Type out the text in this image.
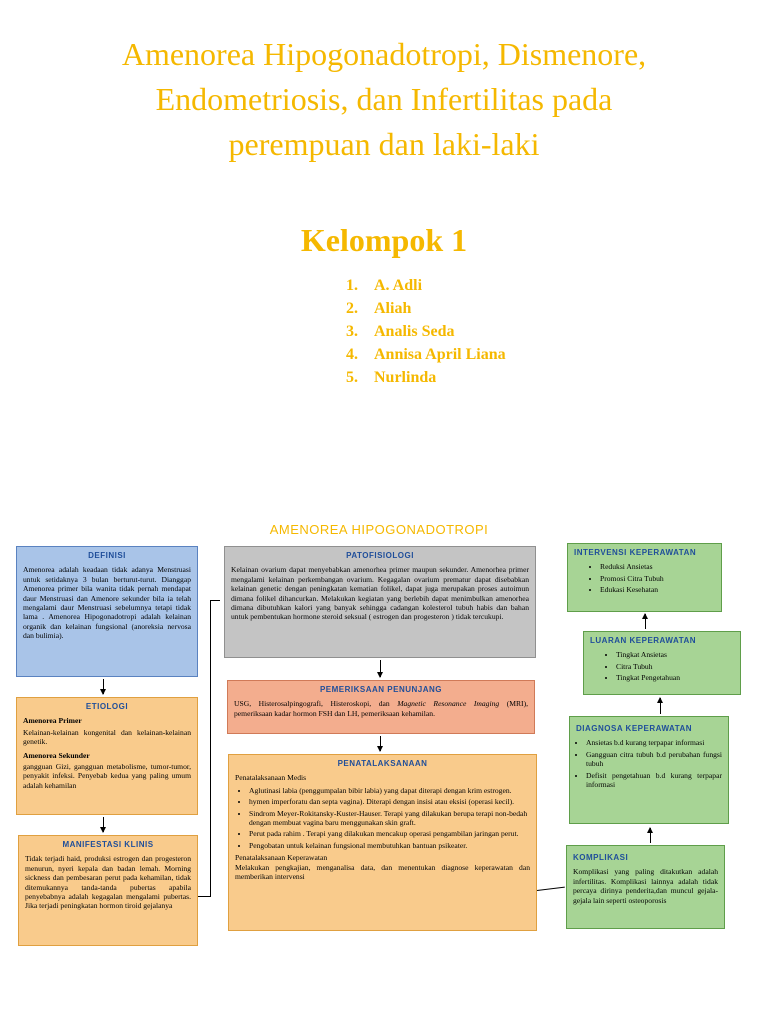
Amenorea Hipogonadotropi, Dismenore,
Endometriosis, dan Infertilitas pada
perempuan dan laki-laki
Kelompok 1
1. A. Adli
2. Aliah
3. Analis Seda
4. Annisa April Liana
5. Nurlinda
AMENOREA HIPOGONADOTROPI
DEFINISI

Amenorea adalah keadaan tidak adanya Menstruasi untuk setidaknya 3 bulan berturut-turut. Dianggap Amenorea primer bila wanita tidak pernah mendapat daur Menstruasi dan Amenore sekunder bila ia telah mengalami daur Menstruasi sebelumnya tetapi tidak lama . Amenorea Hipogonadotropi adalah kelainan organik dan kelainan fungsional (anoreksia nervosa dan bulimia).

ETIOLOGI
Amenorea Primer

Kelainan-kelainan kongenital dan kelainan-kelainan genetik.

Amenorea Sekunder

gangguan Gizi, gangguan metabolisme, tumor-tumor, penyakit infeksi. Penyebab kedua yang paling umum adalah kehamilan

MANIFESTASI KLINIS

Tidak terjadi haid, produksi estrogen dan progesteron menurun, nyeri kepala dan badan lemah. Morning sickness dan pembesaran perut pada kehamilan, tidak ditemukannya tanda-tanda pubertas apabila penyebabnya adalah kegagalan mengalami pubertas. Jika terjadi peningkatan hormon tiroid gejalanya

PATOFISIOLOGI

Kelainan ovarium dapat menyebabkan amenorhea primer maupun sekunder. Amenorhea primer mengalami kelainan perkembangan ovarium. Kegagalan ovarium prematur dapat disebabkan kelainan genetic dengan peningkatan kematian folikel, dapat juga merupakan proses autoimun dimana folikel dihancurkan. Melakukan kegiatan yang berlebih dapat menimbulkan amenorhea dimana dibutuhkan kalori yang banyak sehingga cadangan kolesterol tubuh habis dan bahan untuk pembentukan hormone steroid seksual ( estrogen dan progesteron ) tidak tercukupi.

PEMERIKSAAN PENUNJANG

USG, Histerosalpingografi, Histeroskopi, dan Magnetic Resonance Imaging (MRI), pemeriksaan kadar hormon FSH dan LH, pemeriksaan kehamilan.

PENATALAKSANAAN
Penatalaksanaan Medis
• Aglutinasi labia (penggumpalan bibir labia) yang dapat diterapi dengan krim estrogen.
• hymen imperforatu dan septa vagina). Diterapi dengan insisi atau eksisi (operasi kecil).
• Sindrom Meyer-Rokitansky-Kuster-Hauser. Terapi yang dilakukan berupa terapi non-bedah dengan membuat vagina baru menggunakan skin graft.
• Perut pada rahim . Terapi yang dilakukan mencakup operasi pengambilan jaringan perut.
• Pengobatan untuk kelainan fungsional membutuhkan bantuan psikeater.
Penatalaksanaan Keperawatan

Melakukan pengkajian, menganalisa data, dan menentukan diagnose keperawatan dan memberikan intervensi

INTERVENSI KEPERAWATAN
• Reduksi Ansietas
• Promosi Citra Tubuh
• Edukasi Kesehatan
LUARAN KEPERAWATAN
• Tingkat Ansietas
• Citra Tubuh
• Tingkat Pengetahuan
DIAGNOSA KEPERAWATAN
• Ansietas b.d kurang terpapar informasi
• Gangguan citra tubuh b.d perubahan fungsi tubuh
• Defisit pengetahuan b.d kurang terpapar informasi
KOMPLIKASI

Komplikasi yang paling ditakutkan adalah infertilitas. Komplikasi lainnya adalah tidak percaya dirinya penderita,dan muncul gejala-gejala lain seperti osteoporosis
